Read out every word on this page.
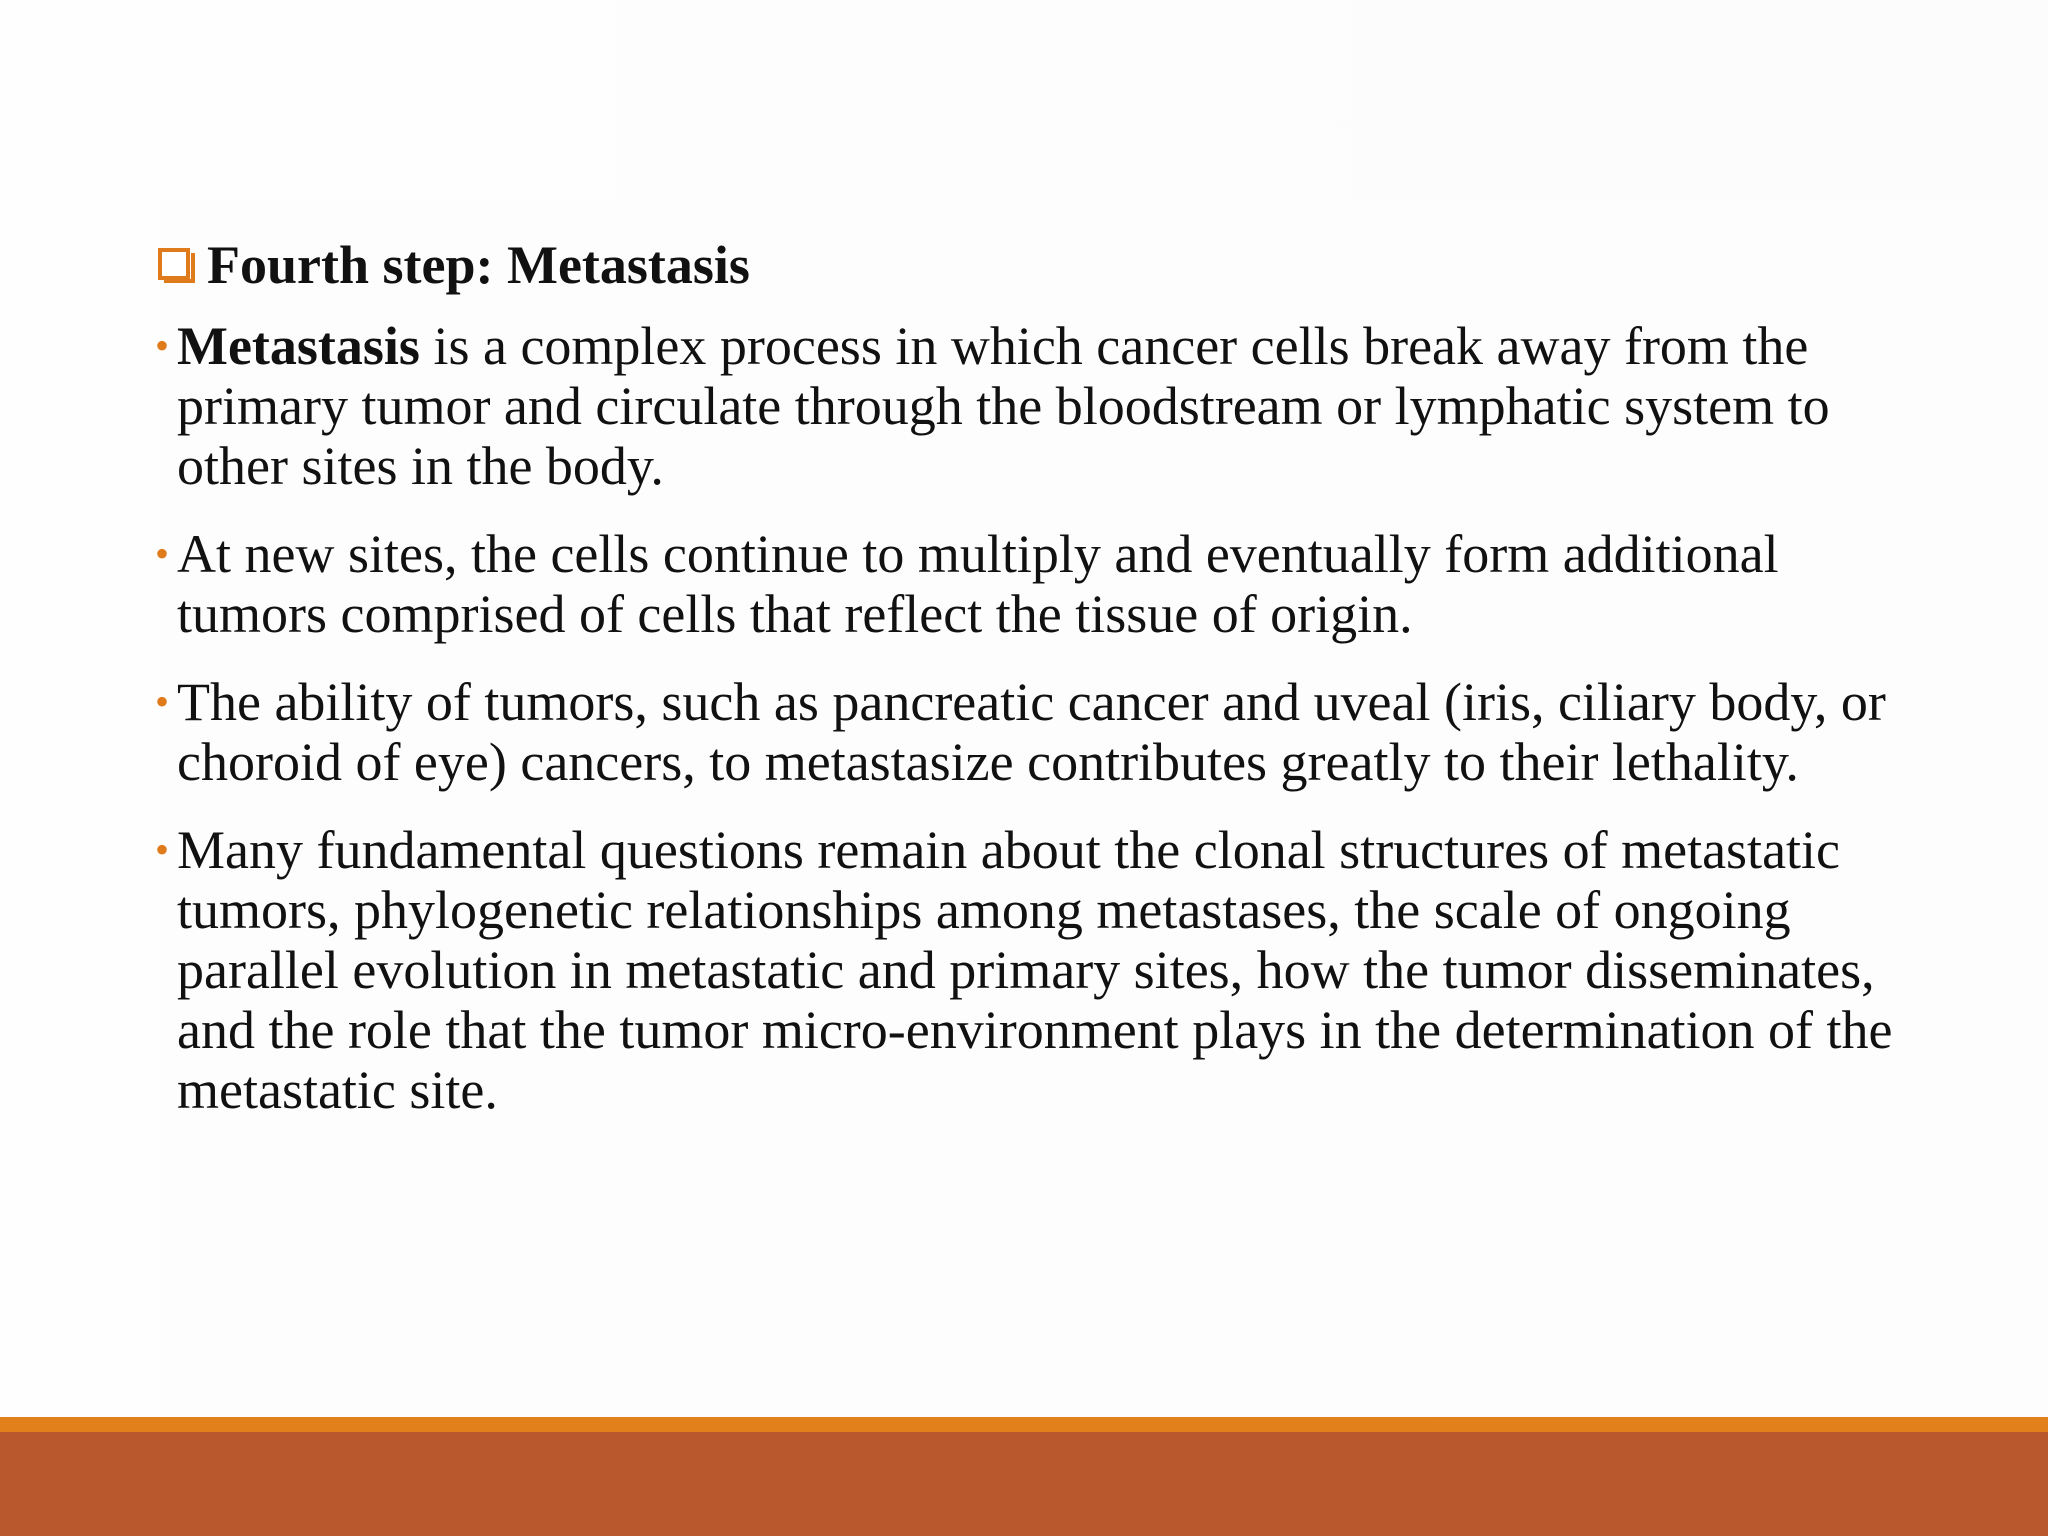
Fourth step: Metastasis
• Metastasis is a complex process in which cancer cells break away from the primary tumor and circulate through the bloodstream or lymphatic system to other sites in the body.
• At new sites, the cells continue to multiply and eventually form additional tumors comprised of cells that reflect the tissue of origin.
• The ability of tumors, such as pancreatic cancer and uveal (iris, ciliary body, or choroid of eye) cancers, to metastasize contributes greatly to their lethality.
• Many fundamental questions remain about the clonal structures of metastatic tumors, phylogenetic relationships among metastases, the scale of ongoing parallel evolution in metastatic and primary sites, how the tumor disseminates, and the role that the tumor micro-environment plays in the determination of the metastatic site.
